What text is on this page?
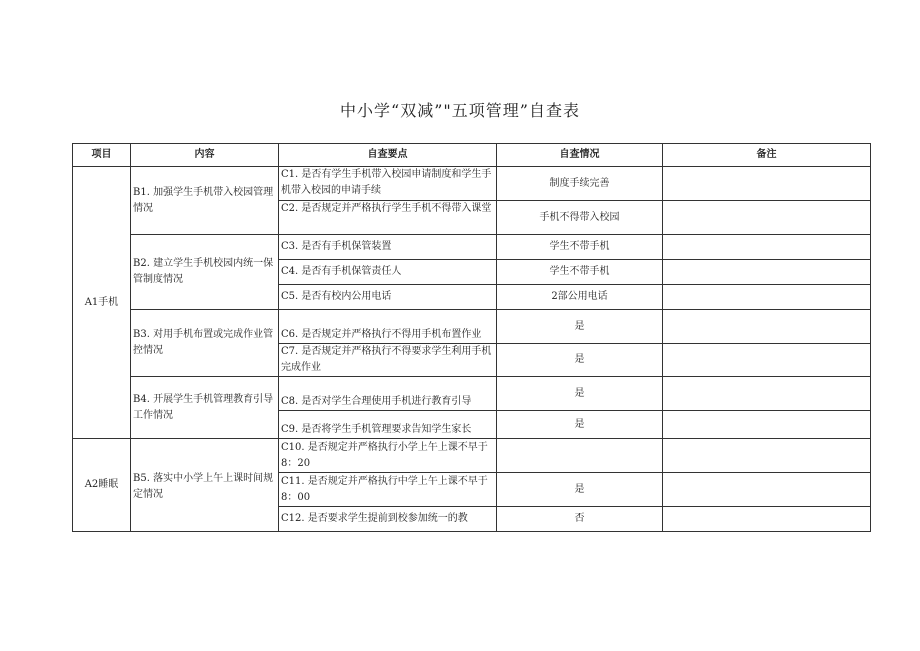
中小学“双减”"五项管理”自查表
项目	内容	自查要点	自查情况	备注
A1手机	B1. 加强学生手机带入校园管理情况	C1. 是否有学生手机带入校园申请制度和学生手机带入校园的申请手续	制度手续完善	
		C2. 是否规定并严格执行学生手机不得带入课堂	手机不得带入校园	
	B2. 建立学生手机校园内统一保管制度情况	C3. 是否有手机保管装置	学生不带手机	
		C4. 是否有手机保管责任人	学生不带手机	
		C5. 是否有校内公用电话	2部公用电话	
	B3. 对用手机布置或完成作业管控情况	C6. 是否规定并严格执行不得用手机布置作业	是	
		C7. 是否规定并严格执行不得要求学生利用手机完成作业	是	
	B4. 开展学生手机管理教育引导工作情况	C8. 是否对学生合理使用手机进行教育引导	是	
		C9. 是否将学生手机管理要求告知学生家长	是	
A2睡眠	B5. 落实中小学上午上课时间规定情况	C10. 是否规定并严格执行小学上午上课不早于8：20		
		C11. 是否规定并严格执行中学上午上课不早于8：00	是	
		C12. 是否要求学生提前到校参加统一的教	否	
